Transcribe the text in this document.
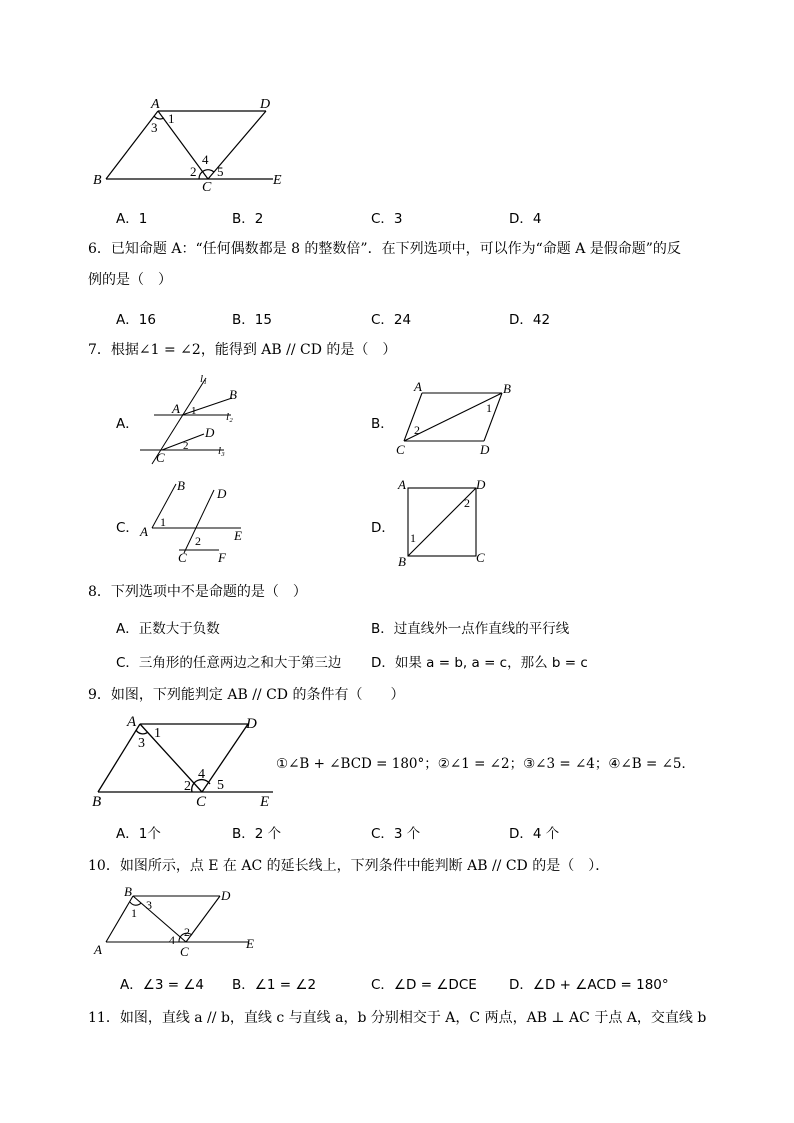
A	D
B	C	E
1
3
2
4
5
A．1	B．2	C．3	D．4
6．已知命题 A：“任何偶数都是 8 的整数倍”．在下列选项中，可以作为“命题 A 是假命题”的反
例的是（　）
A．16	B．15	C．24	D．42
7．根据∠1 = ∠2，能得到 AB // CD 的是（　）
A．
l₁
B
l₂
A 1
D
2	l₃
C
B．
A	B
1
2
C	D
C．
B
D
1
A	E
2
C F
D．
A	D
2
1
B	C
8．下列选项中不是命题的是（　）
A．正数大于负数	B．过直线外一点作直线的平行线
C．三角形的任意两边之和大于第三边 D．如果 a = b, a = c，那么 b = c
9．如图，下列能判定 AB // CD 的条件有（　　）
A	D
B	C	E
1
3
2
4
5
①∠B + ∠BCD = 180°；②∠1 = ∠2；③∠3 = ∠4；④∠B = ∠5．
A．1个	B．2 个	C．3 个	D．4 个
10．如图所示，点 E 在 AC 的延长线上，下列条件中能判断 AB // CD 的是（　）．
B	D
3
1
2
4
A	C
E
A．∠3 = ∠4 B．∠1 = ∠2	C．∠D = ∠DCE D．∠D + ∠ACD = 180°
11．如图，直线 a // b，直线 c 与直线 a，b 分别相交于 A，C 两点，AB ⊥ AC 于点 A，交直线 b
